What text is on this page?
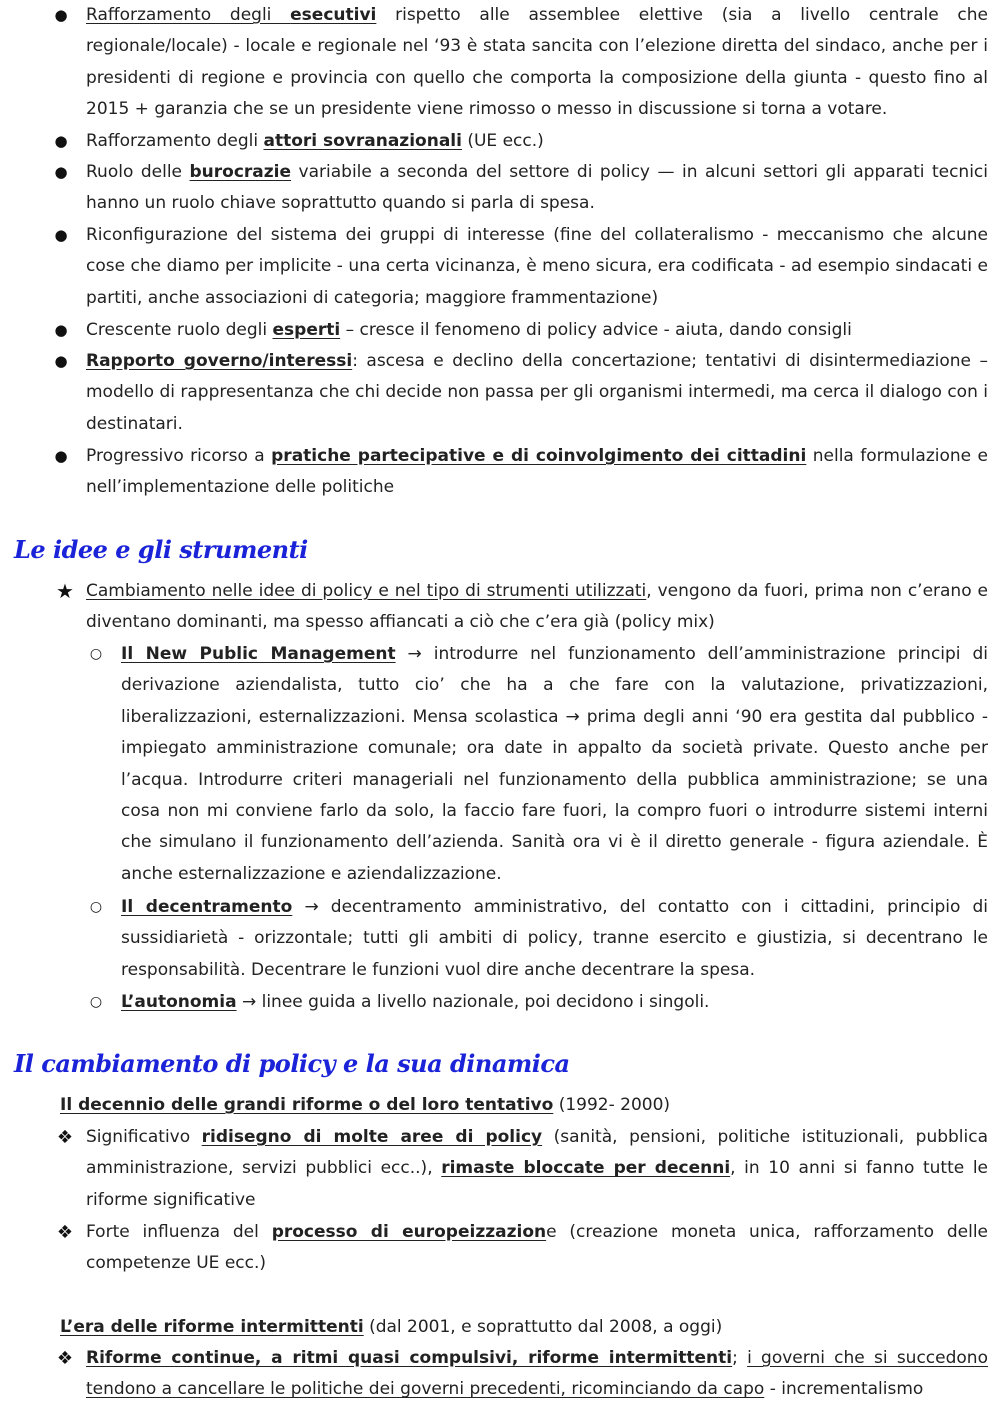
● Rafforzamento degli esecutivi rispetto alle assemblee elettive (sia a livello centrale che regionale/locale) - locale e regionale nel ‘93 è stata sancita con l’elezione diretta del sindaco, anche per i presidenti di regione e provincia con quello che comporta la composizione della giunta - questo fino al 2015 + garanzia che se un presidente viene rimosso o messo in discussione si torna a votare.

● Rafforzamento degli attori sovranazionali (UE ecc.)

● Ruolo delle burocrazie variabile a seconda del settore di policy — in alcuni settori gli apparati tecnici hanno un ruolo chiave soprattutto quando si parla di spesa.

● Riconfigurazione del sistema dei gruppi di interesse (fine del collateralismo - meccanismo che alcune cose che diamo per implicite - una certa vicinanza, è meno sicura, era codificata - ad esempio sindacati e partiti, anche associazioni di categoria; maggiore frammentazione)

● Crescente ruolo degli esperti – cresce il fenomeno di policy advice - aiuta, dando consigli

● Rapporto governo/interessi: ascesa e declino della concertazione; tentativi di disintermediazione – modello di rappresentanza che chi decide non passa per gli organismi intermedi, ma cerca il dialogo con i destinatari.

● Progressivo ricorso a pratiche partecipative e di coinvolgimento dei cittadini nella formulazione e nell’implementazione delle politiche

Le idee e gli strumenti
★ Cambiamento nelle idee di policy e nel tipo di strumenti utilizzati, vengono da fuori, prima non c’erano e diventano dominanti, ma spesso affiancati a ciò che c’era già (policy mix)

○ Il New Public Management → introdurre nel funzionamento dell’amministrazione principi di derivazione aziendalista, tutto cio’ che ha a che fare con la valutazione, privatizzazioni, liberalizzazioni, esternalizzazioni. Mensa scolastica → prima degli anni ‘90 era gestita dal pubblico - impiegato amministrazione comunale; ora date in appalto da società private. Questo anche per l’acqua. Introdurre criteri manageriali nel funzionamento della pubblica amministrazione; se una cosa non mi conviene farlo da solo, la faccio fare fuori, la compro fuori o introdurre sistemi interni che simulano il funzionamento dell’azienda. Sanità ora vi è il diretto generale - figura aziendale. È anche esternalizzazione e aziendalizzazione.

○ Il decentramento → decentramento amministrativo, del contatto con i cittadini, principio di sussidiarietà - orizzontale; tutti gli ambiti di policy, tranne esercito e giustizia, si decentrano le responsabilità. Decentrare le funzioni vuol dire anche decentrare la spesa.

○ L’autonomia → linee guida a livello nazionale, poi decidono i singoli.

Il cambiamento di policy e la sua dinamica

Il decennio delle grandi riforme o del loro tentativo (1992- 2000)

❖ Significativo ridisegno di molte aree di policy (sanità, pensioni, politiche istituzionali, pubblica amministrazione, servizi pubblici ecc..), rimaste bloccate per decenni, in 10 anni si fanno tutte le riforme significative

❖ Forte influenza del processo di europeizzazione (creazione moneta unica, rafforzamento delle competenze UE ecc.)

L’era delle riforme intermittenti (dal 2001, e soprattutto dal 2008, a oggi)

❖ Riforme continue, a ritmi quasi compulsivi, riforme intermittenti; i governi che si succedono tendono a cancellare le politiche dei governi precedenti, ricominciando da capo - incrementalismo
